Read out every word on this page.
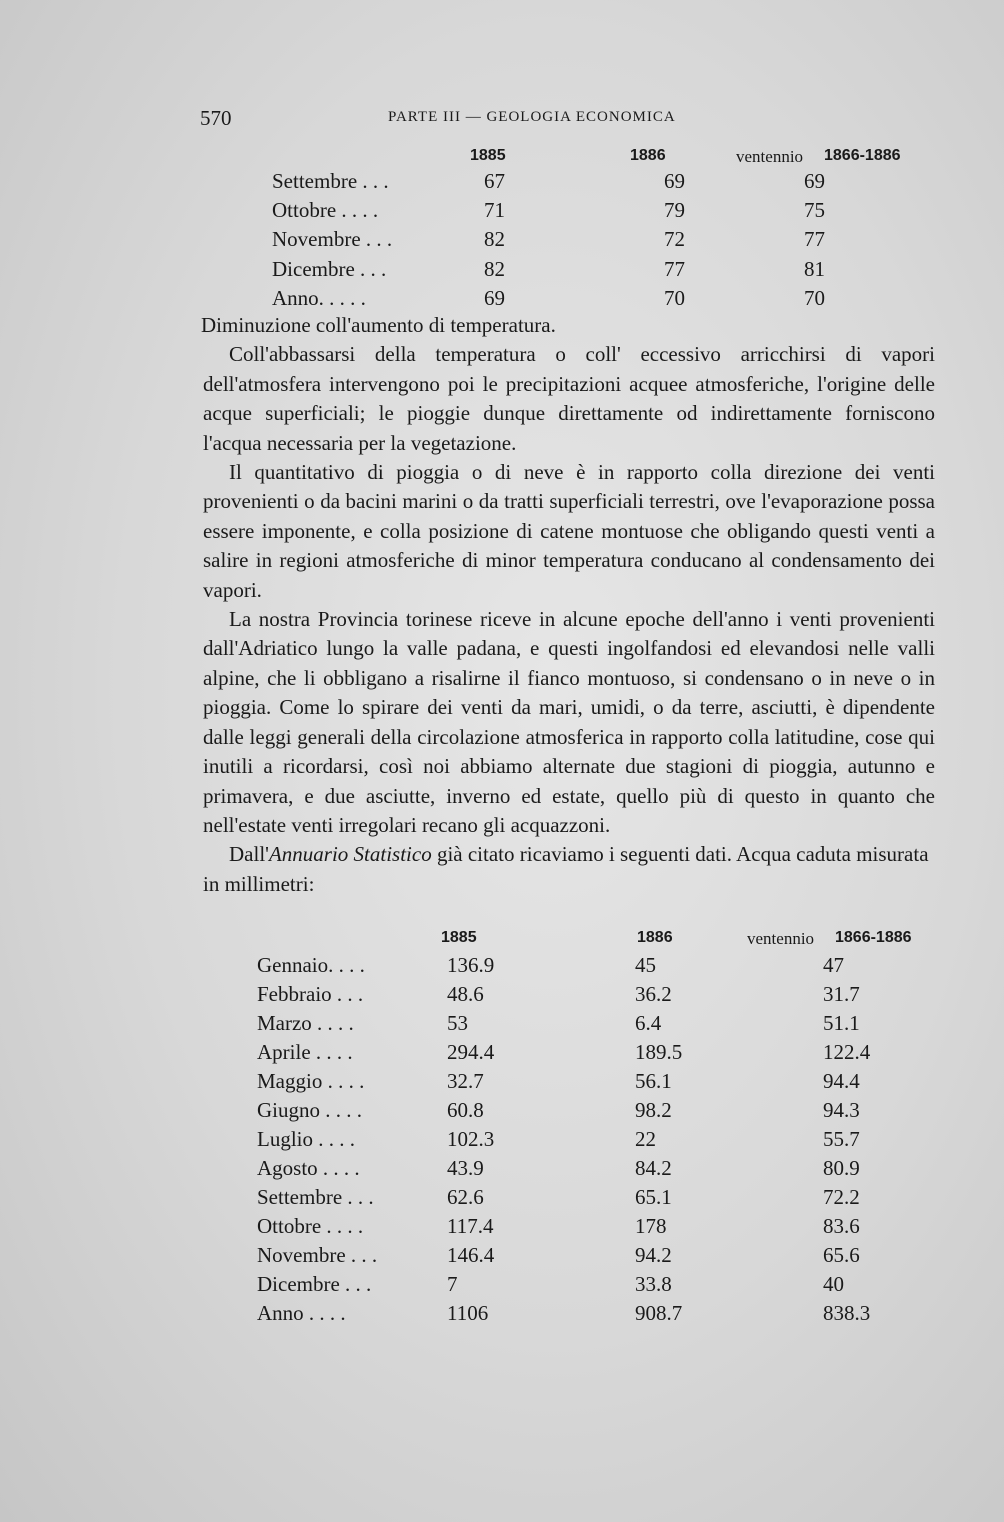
570	PARTE III — GEOLOGIA ECONOMICA
1885	1886	ventennio 1866-1886
Settembre . . .	67	69	69
Ottobre . . . .	71	79	75
Novembre . . .	82	72	77
Dicembre . . .	82	77	81
Anno. . . . .	69	70	70

Diminuzione coll'aumento di temperatura.

Coll'abbassarsi della temperatura o coll' eccessivo arricchirsi di vapori dell'atmosfera intervengono poi le precipitazioni acquee atmosferiche, l'origine delle acque superficiali; le pioggie dunque direttamente od indirettamente forniscono l'acqua necessaria per la vegetazione.

Il quantitativo di pioggia o di neve è in rapporto colla direzione dei venti provenienti o da bacini marini o da tratti superficiali terrestri, ove l'evaporazione possa essere imponente, e colla posizione di catene montuose che obligando questi venti a salire in regioni atmosferiche di minor temperatura conducano al condensamento dei vapori.

La nostra Provincia torinese riceve in alcune epoche dell'anno i venti provenienti dall'Adriatico lungo la valle padana, e questi ingolfandosi ed elevandosi nelle valli alpine, che li obbligano a risalirne il fianco montuoso, si condensano o in neve o in pioggia. Come lo spirare dei venti da mari, umidi, o da terre, asciutti, è dipendente dalle leggi generali della circolazione atmosferica in rapporto colla latitudine, cose qui inutili a ricordarsi, così noi abbiamo alternate due stagioni di pioggia, autunno e primavera, e due asciutte, inverno ed estate, quello più di questo in quanto che nell'estate venti irregolari recano gli acquazzoni.

Dall'Annuario Statistico già citato ricaviamo i seguenti dati. Acqua caduta misurata in millimetri:

1885	1886	ventennio 1866-1886
Gennaio. . . .	136.9	45	47
Febbraio . . .	48.6	36.2	31.7
Marzo . . . .	53	6.4	51.1
Aprile . . . .	294.4	189.5	122.4
Maggio . . . .	32.7	56.1	94.4
Giugno . . . .	60.8	98.2	94.3
Luglio . . . .	102.3	22	55.7
Agosto . . . .	43.9	84.2	80.9
Settembre . . .	62.6	65.1	72.2
Ottobre . . . .	117.4	178	83.6
Novembre . . .	146.4	94.2	65.6
Dicembre . . .	7	33.8	40
Anno . . . .	1106	908.7	838.3
